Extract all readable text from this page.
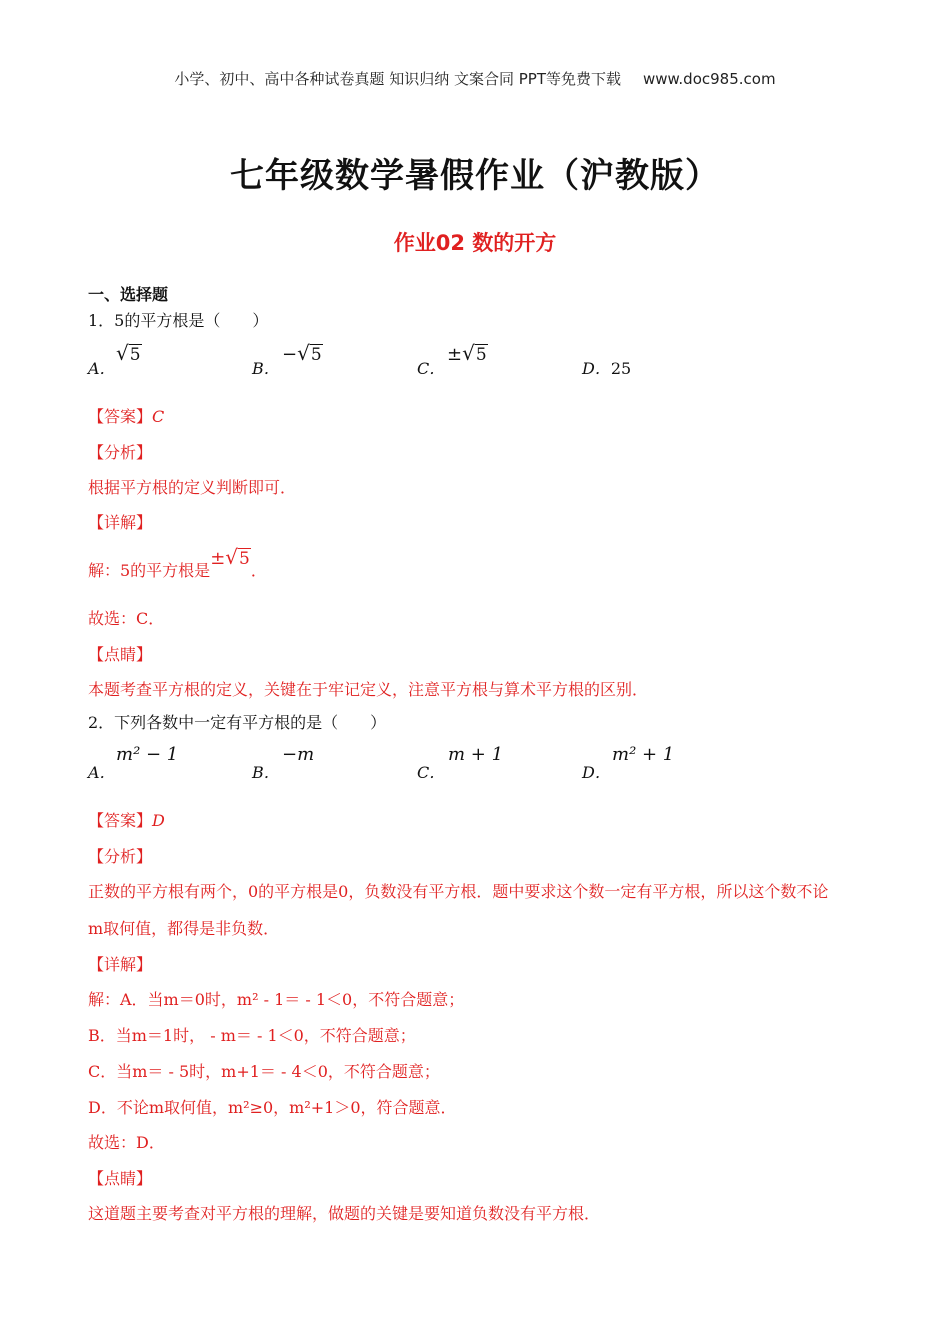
小学、初中、高中各种试卷真题 知识归纳 文案合同 PPT等免费下载 www.doc985.com
七年级数学暑假作业（沪教版）
作业02 数的开方
一、选择题
1．5的平方根是（　　）
A．
√5
B．
−√5
C．
±√5
D．25
【答案】C
【分析】
根据平方根的定义判断即可．
【详解】
解：5的平方根是±√5．
故选：C．
【点睛】
本题考查平方根的定义，关键在于牢记定义，注意平方根与算术平方根的区别．
2．下列各数中一定有平方根的是（　　）
A．
m² − 1
B．
−m
C．
m + 1
D．
m² + 1
【答案】D
【分析】
正数的平方根有两个，0的平方根是0，负数没有平方根．题中要求这个数一定有平方根，所以这个数不论
m取何值，都得是非负数．
【详解】
解：A．当m＝0时，m² - 1＝ - 1＜0，不符合题意；
B．当m＝1时， - m＝ - 1＜0，不符合题意；
C．当m＝ - 5时，m+1＝ - 4＜0，不符合题意；
D．不论m取何值，m²≥0，m²+1＞0，符合题意．
故选：D．
【点睛】
这道题主要考查对平方根的理解，做题的关键是要知道负数没有平方根．
